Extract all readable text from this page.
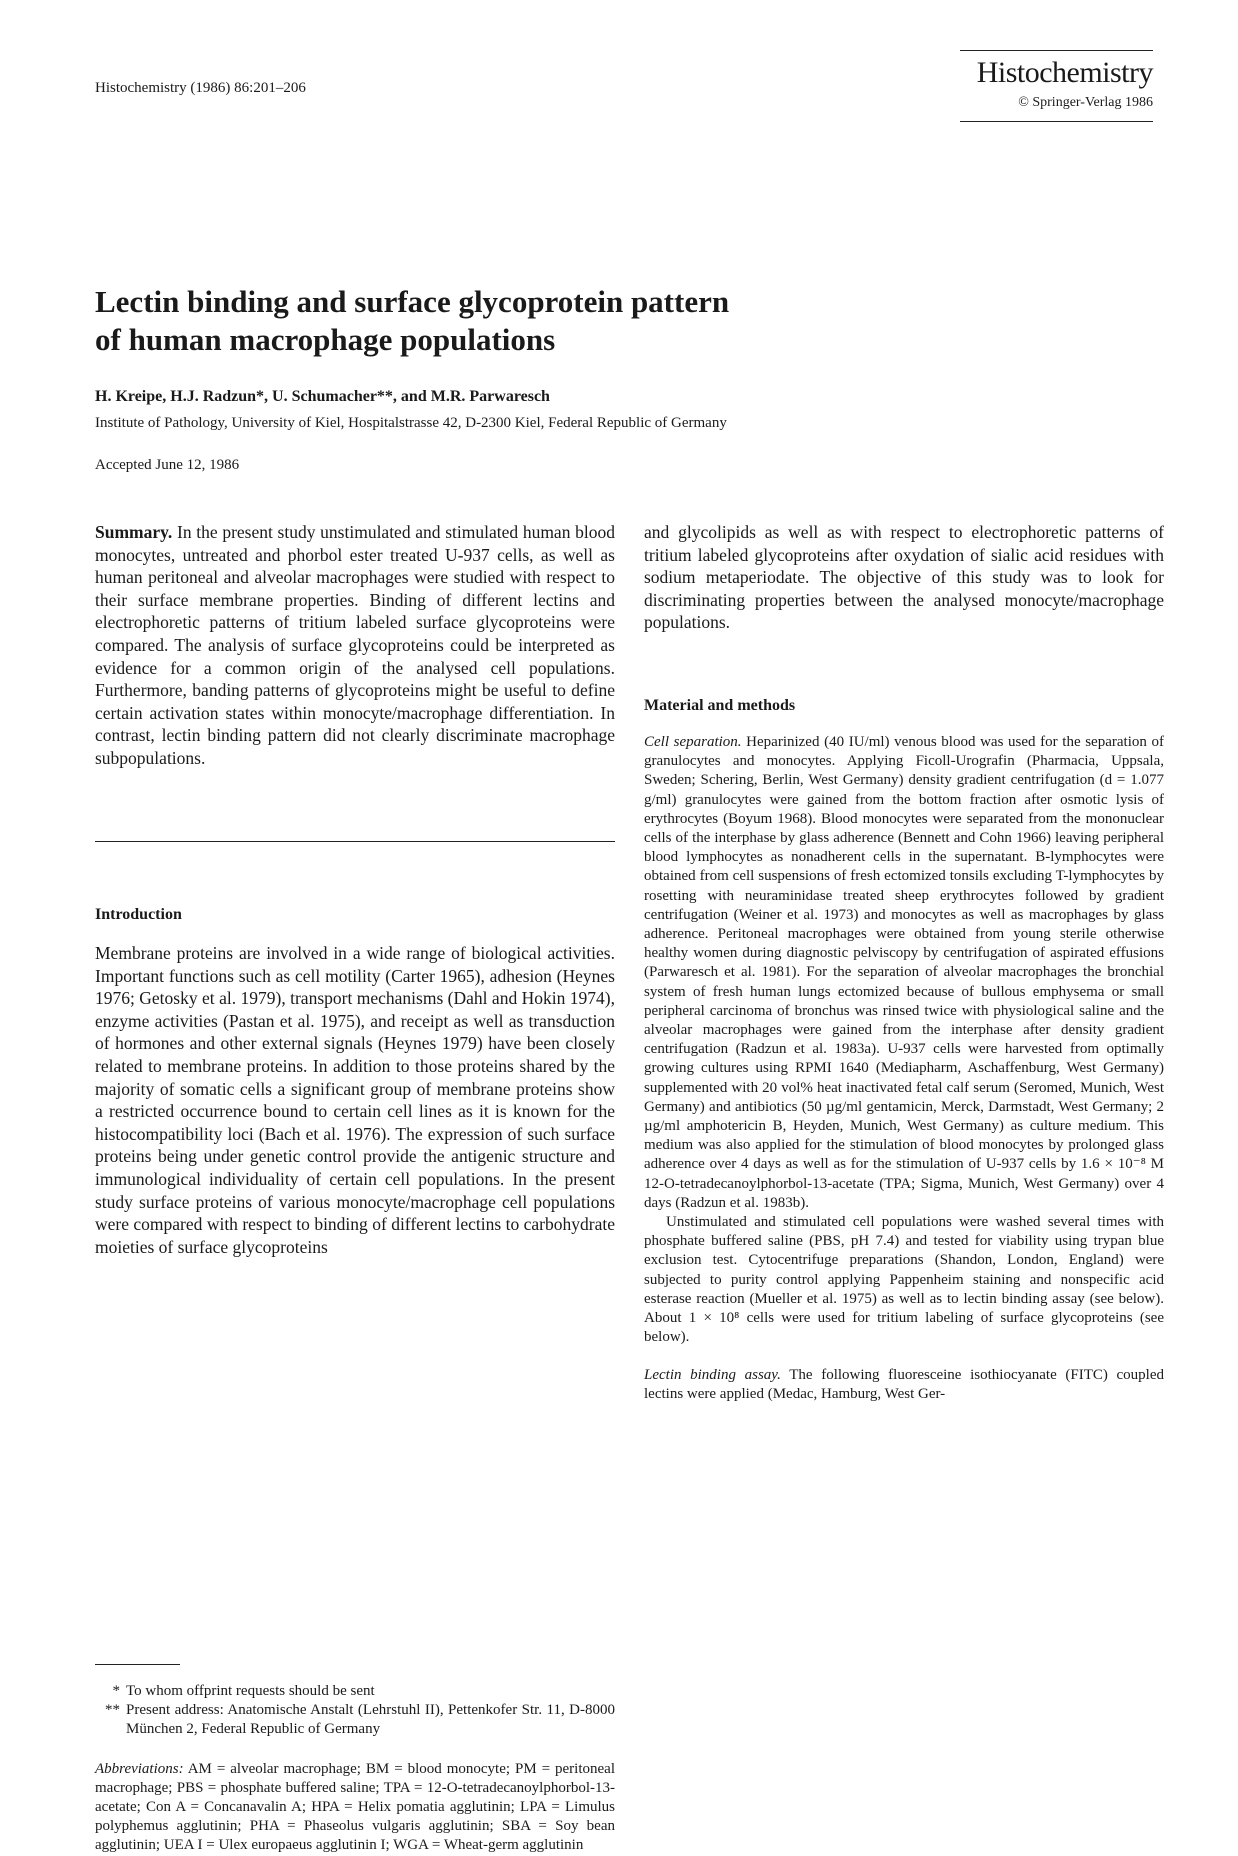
Histochemistry (1986) 86:201–206	Histochemistry
© Springer-Verlag 1986
Lectin binding and surface glycoprotein pattern
of human macrophage populations
H. Kreipe, H.J. Radzun*, U. Schumacher**, and M.R. Parwaresch
Institute of Pathology, University of Kiel, Hospitalstrasse 42, D-2300 Kiel, Federal Republic of Germany
Accepted June 12, 1986

Summary. In the present study unstimulated and stimulated human blood monocytes, untreated and phorbol ester treated U-937 cells, as well as human peritoneal and alveolar macrophages were studied with respect to their surface membrane properties. Binding of different lectins and electrophoretic patterns of tritium labeled surface glycoproteins were compared. The analysis of surface glycoproteins could be interpreted as evidence for a common origin of the analysed cell populations. Furthermore, banding patterns of glycoproteins might be useful to define certain activation states within monocyte/macrophage differentiation. In contrast, lectin binding pattern did not clearly discriminate macrophage subpopulations.

Introduction

Membrane proteins are involved in a wide range of biological activities. Important functions such as cell motility (Carter 1965), adhesion (Heynes 1976; Getosky et al. 1979), transport mechanisms (Dahl and Hokin 1974), enzyme activities (Pastan et al. 1975), and receipt as well as transduction of hormones and other external signals (Heynes 1979) have been closely related to membrane proteins. In addition to those proteins shared by the majority of somatic cells a significant group of membrane proteins show a restricted occurrence bound to certain cell lines as it is known for the histocompatibility loci (Bach et al. 1976). The expression of such surface proteins being under genetic control provide the antigenic structure and immunological individuality of certain cell populations. In the present study surface proteins of various monocyte/macrophage cell populations were compared with respect to binding of different lectins to carbohydrate moieties of surface glycoproteins

* To whom offprint requests should be sent
** Present address: Anatomische Anstalt (Lehrstuhl II), Pettenkofer Str. 11, D-8000 München 2, Federal Republic of Germany

Abbreviations: AM = alveolar macrophage; BM = blood monocyte; PM = peritoneal macrophage; PBS = phosphate buffered saline; TPA = 12-O-tetradecanoylphorbol-13-acetate; Con A = Concanavalin A; HPA = Helix pomatia agglutinin; LPA = Limulus polyphemus agglutinin; PHA = Phaseolus vulgaris agglutinin; SBA = Soy bean agglutinin; UEA I = Ulex europaeus agglutinin I; WGA = Wheat-germ agglutinin

and glycolipids as well as with respect to electrophoretic patterns of tritium labeled glycoproteins after oxydation of sialic acid residues with sodium metaperiodate. The objective of this study was to look for discriminating properties between the analysed monocyte/macrophage populations.

Material and methods

Cell separation. Heparinized (40 IU/ml) venous blood was used for the separation of granulocytes and monocytes. Applying Ficoll-Urografin (Pharmacia, Uppsala, Sweden; Schering, Berlin, West Germany) density gradient centrifugation (d = 1.077 g/ml) granulocytes were gained from the bottom fraction after osmotic lysis of erythrocytes (Boyum 1968). Blood monocytes were separated from the mononuclear cells of the interphase by glass adherence (Bennett and Cohn 1966) leaving peripheral blood lymphocytes as nonadherent cells in the supernatant. B-lymphocytes were obtained from cell suspensions of fresh ectomized tonsils excluding T-lymphocytes by rosetting with neuraminidase treated sheep erythrocytes followed by gradient centrifugation (Weiner et al. 1973) and monocytes as well as macrophages by glass adherence. Peritoneal macrophages were obtained from young sterile otherwise healthy women during diagnostic pelviscopy by centrifugation of aspirated effusions (Parwaresch et al. 1981). For the separation of alveolar macrophages the bronchial system of fresh human lungs ectomized because of bullous emphysema or small peripheral carcinoma of bronchus was rinsed twice with physiological saline and the alveolar macrophages were gained from the interphase after density gradient centrifugation (Radzun et al. 1983a). U-937 cells were harvested from optimally growing cultures using RPMI 1640 (Mediapharm, Aschaffenburg, West Germany) supplemented with 20 vol% heat inactivated fetal calf serum (Seromed, Munich, West Germany) and antibiotics (50 µg/ml gentamicin, Merck, Darmstadt, West Germany; 2 µg/ml amphotericin B, Heyden, Munich, West Germany) as culture medium. This medium was also applied for the stimulation of blood monocytes by prolonged glass adherence over 4 days as well as for the stimulation of U-937 cells by 1.6 × 10⁻⁸ M 12-O-tetradecanoylphorbol-13-acetate (TPA; Sigma, Munich, West Germany) over 4 days (Radzun et al. 1983b).

Unstimulated and stimulated cell populations were washed several times with phosphate buffered saline (PBS, pH 7.4) and tested for viability using trypan blue exclusion test. Cytocentrifuge preparations (Shandon, London, England) were subjected to purity control applying Pappenheim staining and nonspecific acid esterase reaction (Mueller et al. 1975) as well as to lectin binding assay (see below). About 1 × 10⁸ cells were used for tritium labeling of surface glycoproteins (see below).

Lectin binding assay. The following fluoresceine isothiocyanate (FITC) coupled lectins were applied (Medac, Hamburg, West Ger-
